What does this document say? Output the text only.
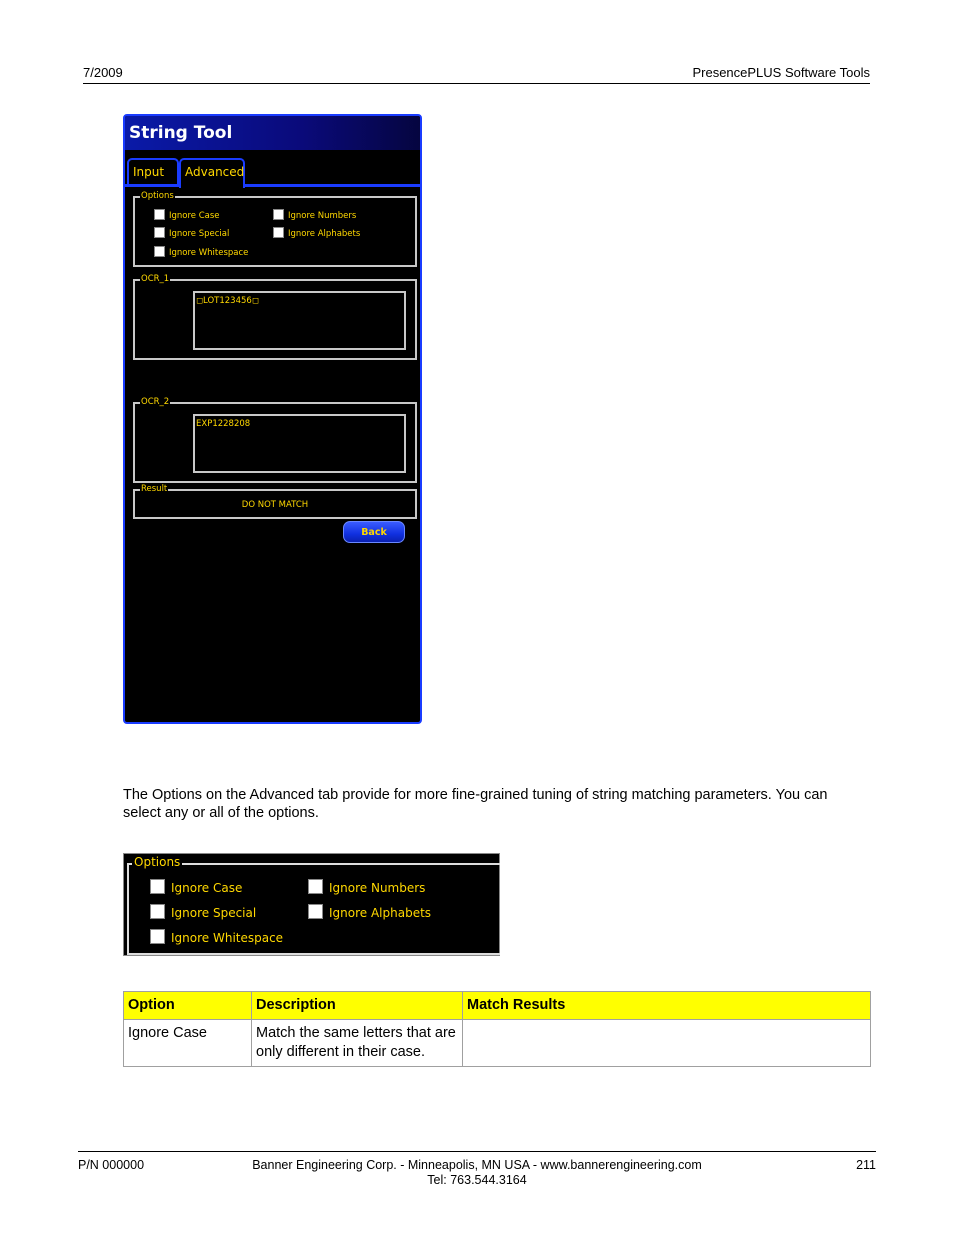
7/2009	PresencePLUS Software Tools
String Tool
Input	Advanced
Options
Ignore Case
Ignore Special
Ignore Whitespace
Ignore Numbers
Ignore Alphabets
OCR_1
◻LOT123456◻
OCR_2
EXP1228208
Result
DO NOT MATCH
Back
The Options on the Advanced tab provide for more fine-grained tuning of string matching parameters. You can select any or all of the options.
Options
Ignore Case
Ignore Special
Ignore Whitespace
Ignore Numbers
Ignore Alphabets
Option	Description	Match Results
Ignore Case	Match the same letters that are only different in their case.	
P/N 000000	Banner Engineering Corp. - Minneapolis, MN USA - www.bannerengineering.com
Tel: 763.544.3164
211
